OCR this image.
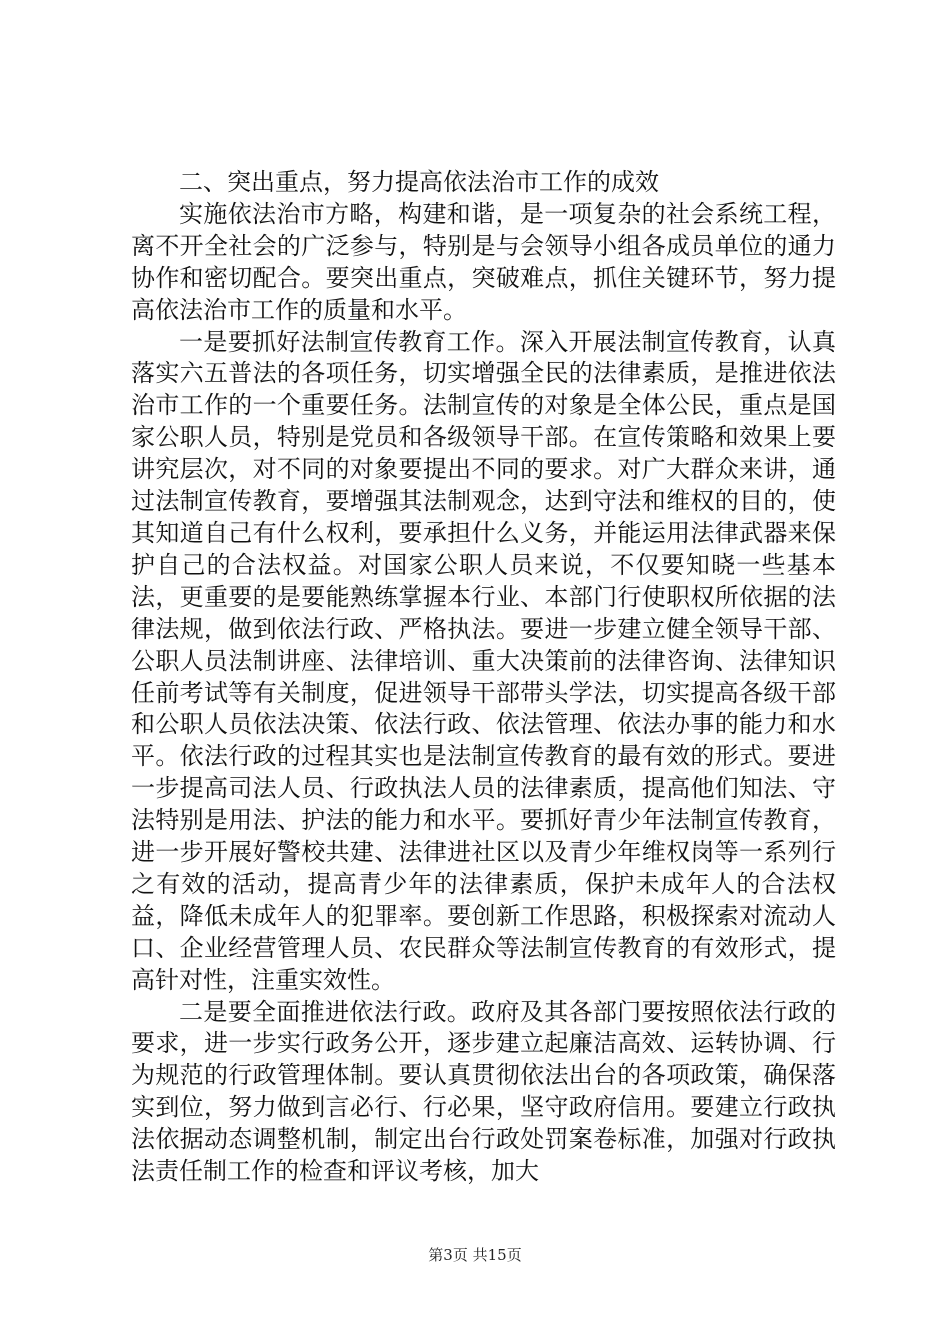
二、突出重点，努力提高依法治市工作的成效

实施依法治市方略，构建和谐，是一项复杂的社会系统工程，离不开全社会的广泛参与，特别是与会领导小组各成员单位的通力协作和密切配合。要突出重点，突破难点，抓住关键环节，努力提高依法治市工作的质量和水平。

一是要抓好法制宣传教育工作。深入开展法制宣传教育，认真落实六五普法的各项任务，切实增强全民的法律素质，是推进依法治市工作的一个重要任务。法制宣传的对象是全体公民，重点是国家公职人员，特别是党员和各级领导干部。在宣传策略和效果上要讲究层次，对不同的对象要提出不同的要求。对广大群众来讲，通过法制宣传教育，要增强其法制观念，达到守法和维权的目的，使其知道自己有什么权利，要承担什么义务，并能运用法律武器来保护自己的合法权益。对国家公职人员来说，不仅要知晓一些基本法，更重要的是要能熟练掌握本行业、本部门行使职权所依据的法律法规，做到依法行政、严格执法。要进一步建立健全领导干部、公职人员法制讲座、法律培训、重大决策前的法律咨询、法律知识任前考试等有关制度，促进领导干部带头学法，切实提高各级干部和公职人员依法决策、依法行政、依法管理、依法办事的能力和水平。依法行政的过程其实也是法制宣传教育的最有效的形式。要进一步提高司法人员、行政执法人员的法律素质，提高他们知法、守法特别是用法、护法的能力和水平。要抓好青少年法制宣传教育，进一步开展好警校共建、法律进社区以及青少年维权岗等一系列行之有效的活动，提高青少年的法律素质，保护未成年人的合法权益，降低未成年人的犯罪率。要创新工作思路，积极探索对流动人口、企业经营管理人员、农民群众等法制宣传教育的有效形式，提高针对性，注重实效性。

二是要全面推进依法行政。政府及其各部门要按照依法行政的要求，进一步实行政务公开，逐步建立起廉洁高效、运转协调、行为规范的行政管理体制。要认真贯彻依法出台的各项政策，确保落实到位，努力做到言必行、行必果，坚守政府信用。要建立行政执法依据动态调整机制，制定出台行政处罚案卷标准，加强对行政执法责任制工作的检查和评议考核，加大

第3页 共15页
